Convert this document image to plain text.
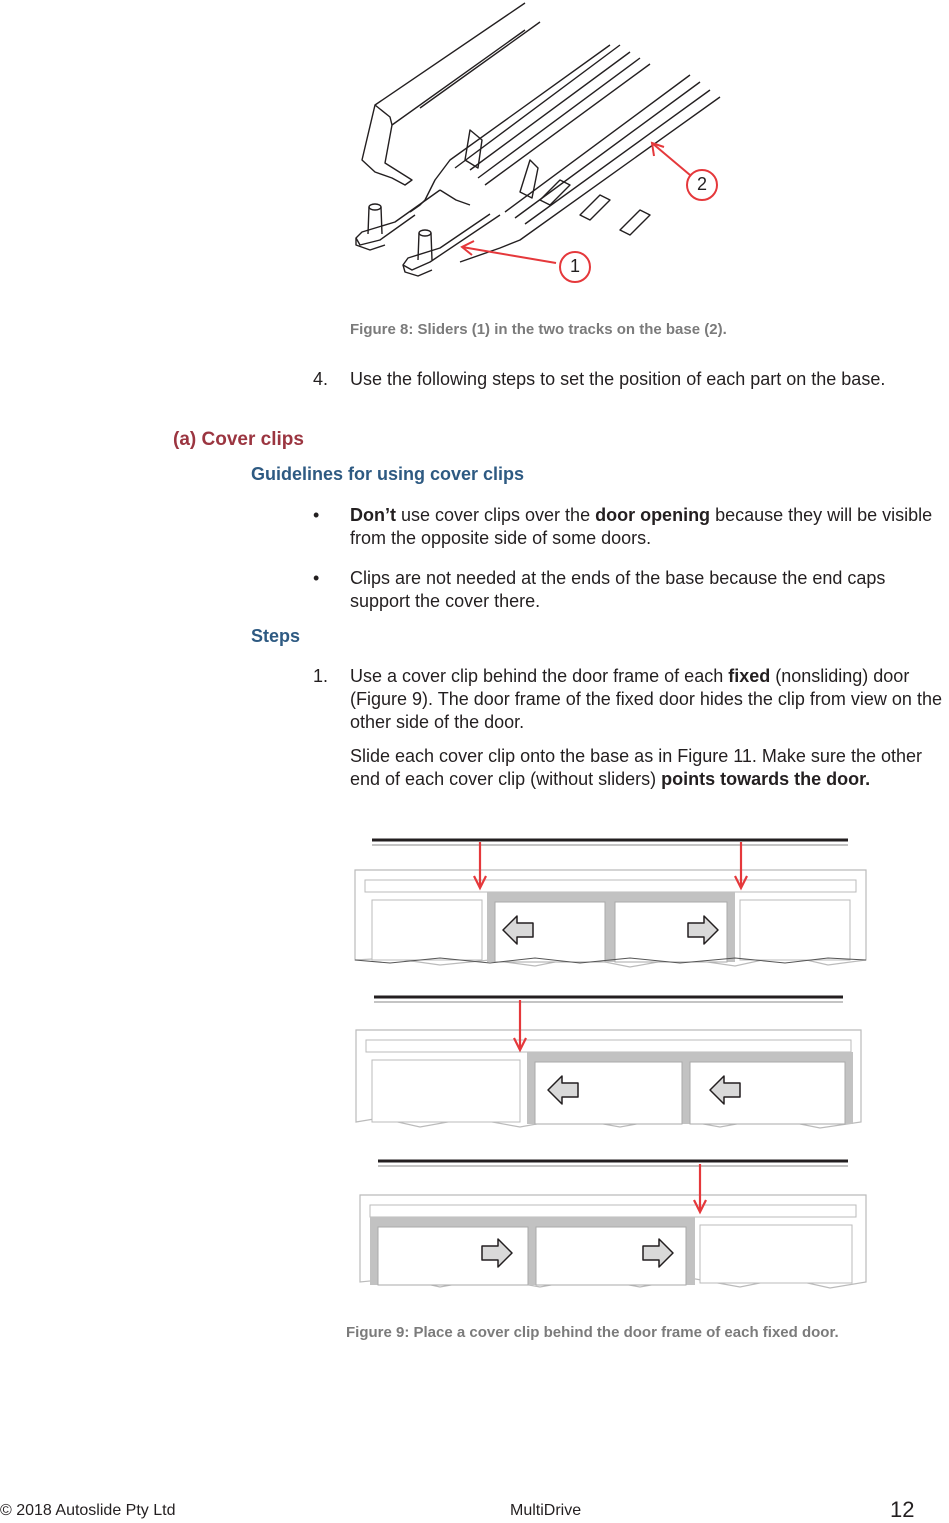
1
2
Figure 8: Sliders (1) in the two tracks on the base (2).
4. Use the following steps to set the position of each part on the base.
(a) Cover clips
Guidelines for using cover clips
• Don’t use cover clips over the door opening because they will be visible from the opposite side of some doors.
• Clips are not needed at the ends of the base because the end caps support the cover there.
Steps
1. Use a cover clip behind the door frame of each fixed (nonsliding) door (Figure 9). The door frame of the fixed door hides the clip from view on the other side of the door.
Slide each cover clip onto the base as in Figure 11. Make sure the other end of each cover clip (without sliders) points towards the door.
Figure 9: Place a cover clip behind the door frame of each fixed door.
© 2018 Autoslide Pty Ltd	MultiDrive	12
